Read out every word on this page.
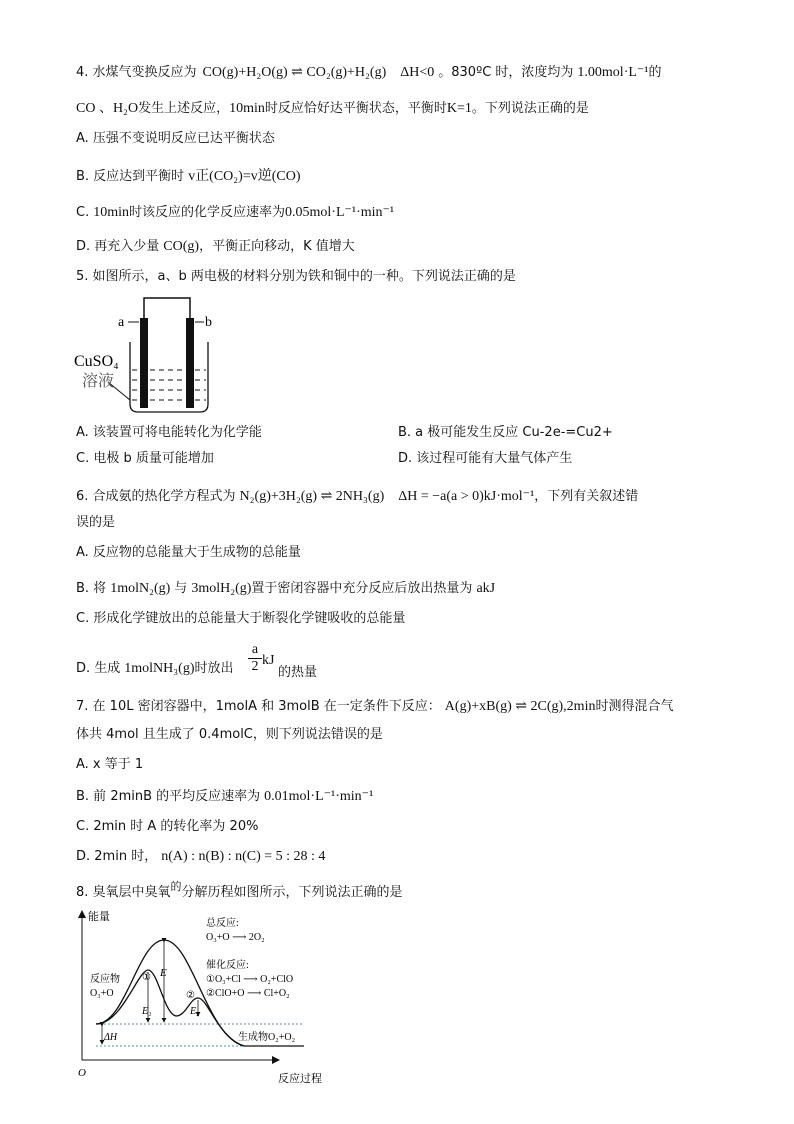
4. 水煤气变换反应为 CO(g)+H₂O(g) ⇌ CO₂(g)+H₂(g) ΔH<0 。830ºC 时，浓度均为 1.00mol·L⁻¹的
CO 、H₂O发生上述反应，10min时反应恰好达平衡状态，平衡时K=1。下列说法正确的是
A. 压强不变说明反应已达平衡状态
B. 反应达到平衡时 v正(CO₂)=v逆(CO)
C. 10min时该反应的化学反应速率为0.05mol·L⁻¹·min⁻¹
D. 再充入少量 CO(g)，平衡正向移动，K 值增大
5. 如图所示，a、b 两电极的材料分别为铁和铜中的一种。下列说法正确的是
a	b
CuSO₄
溶液
A. 该装置可将电能转化为化学能	B. a 极可能发生反应 Cu-2e-=Cu2+
C. 电极 b 质量可能增加	D. 该过程可能有大量气体产生
6. 合成氨的热化学方程式为 N₂(g)+3H₂(g) ⇌ 2NH₃(g) ΔH = −a(a > 0)kJ·mol⁻¹，下列有关叙述错
误的是
A. 反应物的总能量大于生成物的总能量
B. 将 1molN₂(g) 与 3molH₂(g)置于密闭容器中充分反应后放出热量为 akJ
C. 形成化学键放出的总能量大于断裂化学键吸收的总能量
D. 生成 1molNH₃(g)时放出 $\frac{a}{2}$ kJ
的热量
7. 在 10L 密闭容器中，1molA 和 3molB 在一定条件下反应： A(g)+xB(g) ⇌ 2C(g),2min时测得混合气
体共 4mol 且生成了 0.4molC，则下列说法错误的是
A. x 等于 1
B. 前 2minB 的平均反应速率为 0.01mol·L⁻¹·min⁻¹
C. 2min 时 A 的转化率为 20%
D. 2min 时， n(A) : n(B) : n(C) = 5 : 28 : 4
8. 臭氧层中臭氧$^的$分解历程如图所示，下列说法正确的是
能量
O	反应过程
E
E₁	E₂
①
②
ΔH
反应物
O₃+O
生成物O₂+O₂
总反应:
O₃+O ⟶ 2O₂
催化反应:
①O₃+Cl ⟶ O₂+ClO
②ClO+O ⟶ Cl+O₂
